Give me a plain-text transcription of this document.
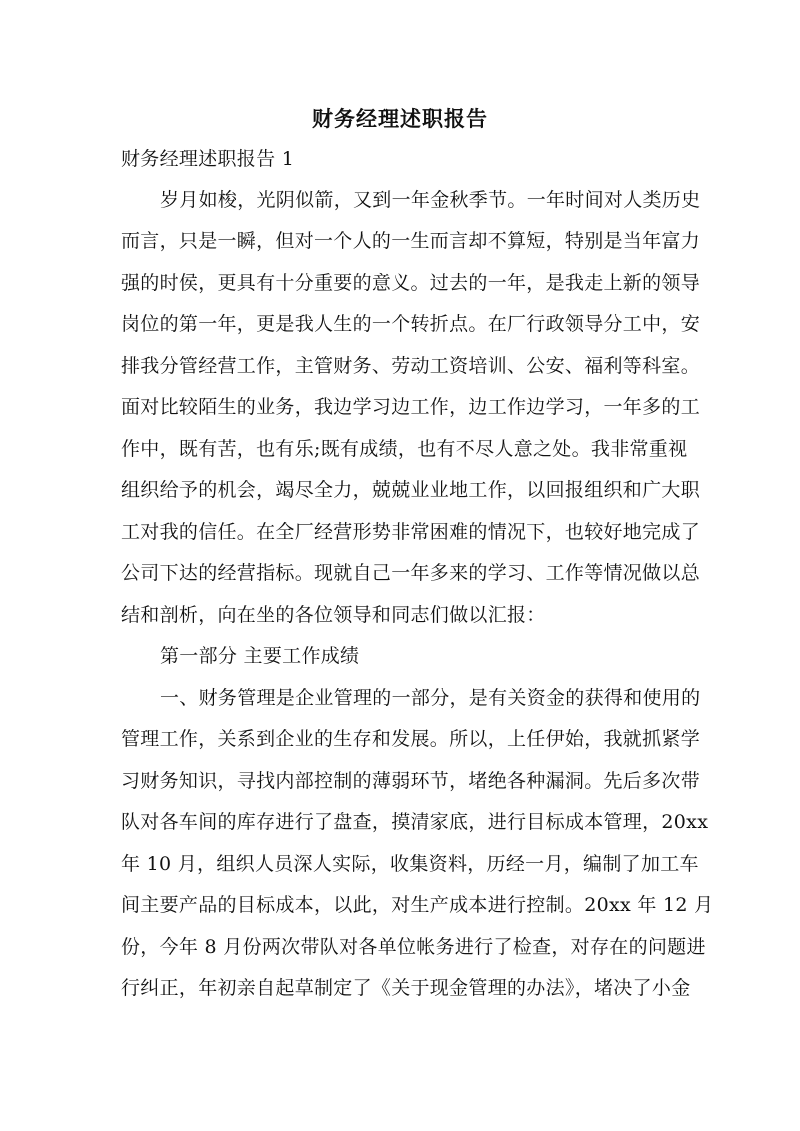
财务经理述职报告
财务经理述职报告 1
岁月如梭，光阴似箭，又到一年金秋季节。一年时间对人类历史
而言，只是一瞬，但对一个人的一生而言却不算短，特别是当年富力
强的时侯，更具有十分重要的意义。过去的一年，是我走上新的领导
岗位的第一年，更是我人生的一个转折点。在厂行政领导分工中，安
排我分管经营工作，主管财务、劳动工资培训、公安、福利等科室。
面对比较陌生的业务，我边学习边工作，边工作边学习，一年多的工
作中，既有苦，也有乐;既有成绩，也有不尽人意之处。我非常重视
组织给予的机会，竭尽全力，兢兢业业地工作，以回报组织和广大职
工对我的信任。在全厂经营形势非常困难的情况下，也较好地完成了
公司下达的经营指标。现就自己一年多来的学习、工作等情况做以总
结和剖析，向在坐的各位领导和同志们做以汇报：
第一部分 主要工作成绩
一、财务管理是企业管理的一部分，是有关资金的获得和使用的
管理工作，关系到企业的生存和发展。所以，上任伊始，我就抓紧学
习财务知识，寻找内部控制的薄弱环节，堵绝各种漏洞。先后多次带
队对各车间的库存进行了盘查，摸清家底，进行目标成本管理，20xx
年 10 月，组织人员深人实际，收集资料，历经一月，编制了加工车
间主要产品的目标成本，以此，对生产成本进行控制。20xx 年 12 月
份，今年 8 月份两次带队对各单位帐务进行了检查，对存在的问题进
行纠正，年初亲自起草制定了《关于现金管理的办法》，堵决了小金
